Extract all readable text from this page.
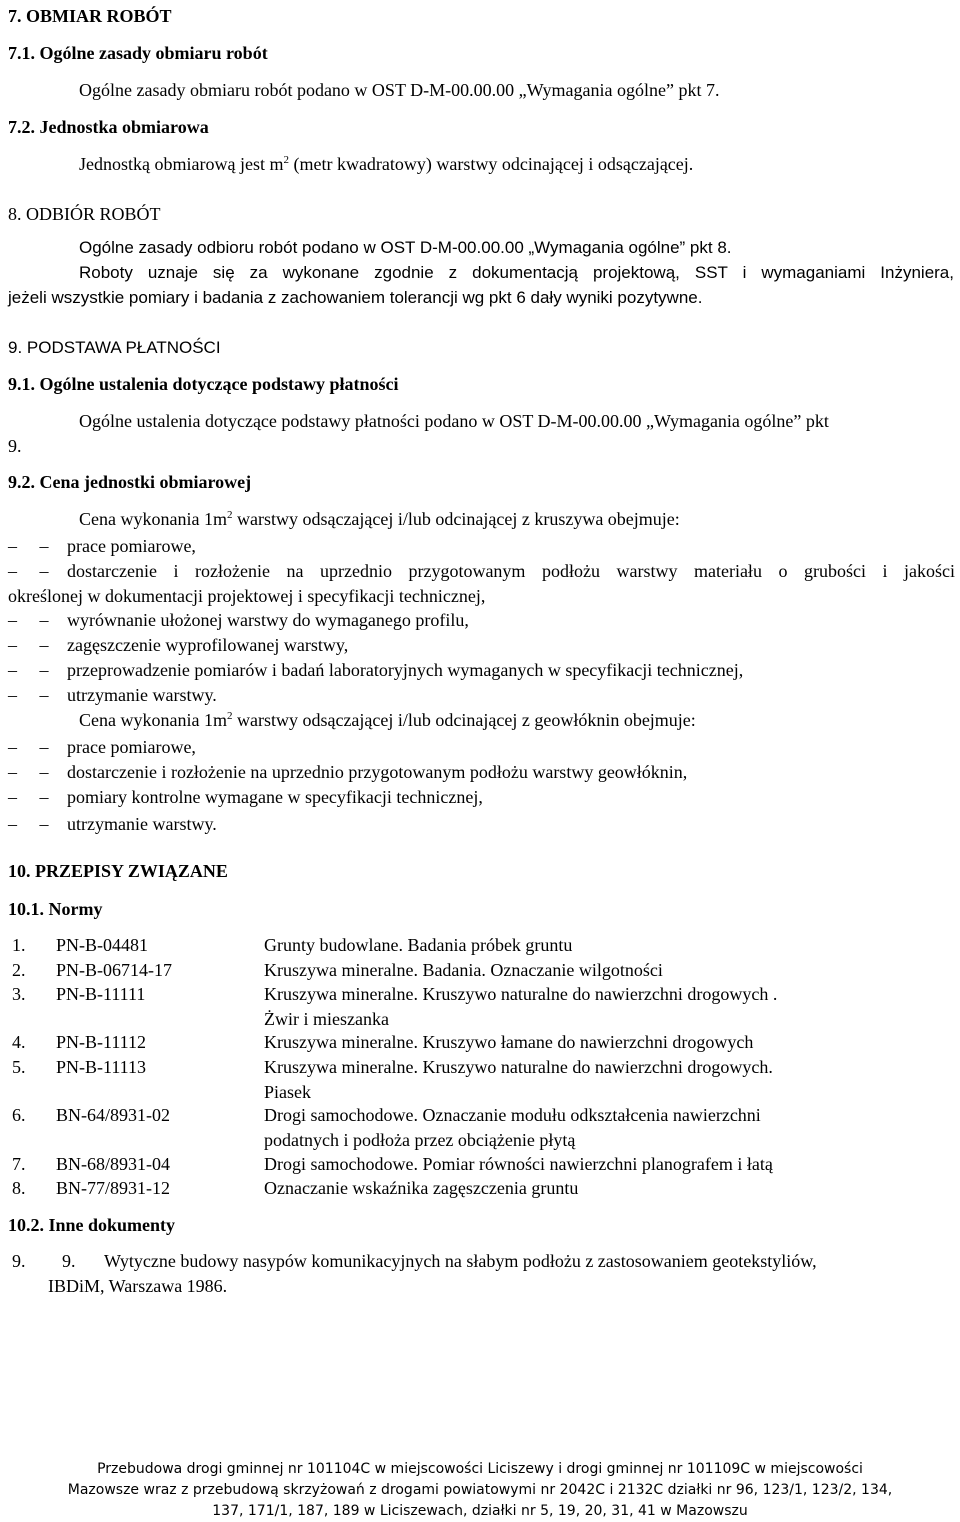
7. OBMIAR ROBÓT
7.1. Ogólne zasady obmiaru robót
Ogólne zasady obmiaru robót podano w OST D-M-00.00.00 „Wymagania ogólne” pkt 7.
7.2. Jednostka obmiarowa
Jednostką obmiarową jest $m^2$ (metr kwadratowy) warstwy odcinającej i odsączającej.
8. ODBIÓR ROBÓT
Ogólne zasady odbioru robót podano w OST D-M-00.00.00 „Wymagania ogólne” pkt 8.
Roboty uznaje się za wykonane zgodnie z dokumentacją projektową, SST i wymaganiami Inżyniera,
jeżeli wszystkie pomiary i badania z zachowaniem tolerancji wg pkt 6 dały wyniki pozytywne.
9. PODSTAWA PŁATNOŚCI
9.1. Ogólne ustalenia dotyczące podstawy płatności
Ogólne ustalenia dotyczące podstawy płatności podano w OST D-M-00.00.00 „Wymagania ogólne” pkt
9.
9.2. Cena jednostki obmiarowej
Cena wykonania $1m^2$ warstwy odsączającej i/lub odcinającej z kruszywa obejmuje:
– – prace pomiarowe,
– – dostarczenie i rozłożenie na uprzednio przygotowanym podłożu warstwy materiału o grubości i jakości
określonej w dokumentacji projektowej i specyfikacji technicznej,
– – wyrównanie ułożonej warstwy do wymaganego profilu,
– – zagęszczenie wyprofilowanej warstwy,
– – przeprowadzenie pomiarów i badań laboratoryjnych wymaganych w specyfikacji technicznej,
– – utrzymanie warstwy.
Cena wykonania $1m^2$ warstwy odsączającej i/lub odcinającej z geowłóknin obejmuje:
– – prace pomiarowe,
– – dostarczenie i rozłożenie na uprzednio przygotowanym podłożu warstwy geowłóknin,
– – pomiary kontrolne wymagane w specyfikacji technicznej,
– – utrzymanie warstwy.
10. PRZEPISY ZWIĄZANE
10.1. Normy
1. PN-B-04481	Grunty budowlane. Badania próbek gruntu
2. PN-B-06714-17	Kruszywa mineralne. Badania. Oznaczanie wilgotności
3. PN-B-11111	Kruszywa mineralne. Kruszywo naturalne do nawierzchni drogowych .
Żwir i mieszanka
4. PN-B-11112	Kruszywa mineralne. Kruszywo łamane do nawierzchni drogowych
5. PN-B-11113	Kruszywa mineralne. Kruszywo naturalne do nawierzchni drogowych.
Piasek
6. BN-64/8931-02	Drogi samochodowe. Oznaczanie modułu odkształcenia nawierzchni
podatnych i podłoża przez obciążenie płytą
7. BN-68/8931-04	Drogi samochodowe. Pomiar równości nawierzchni planografem i łatą
8. BN-77/8931-12	Oznaczanie wskaźnika zagęszczenia gruntu
10.2. Inne dokumenty
9. 9. Wytyczne budowy nasypów komunikacyjnych na słabym podłożu z zastosowaniem geotekstyliów,
IBDiM, Warszawa 1986.
Przebudowa drogi gminnej nr 101104C w miejscowości Liciszewy i drogi gminnej nr 101109C w miejscowości
Mazowsze wraz z przebudową skrzyżowań z drogami powiatowymi nr 2042C i 2132C działki nr 96, 123/1, 123/2, 134,
137, 171/1, 187, 189 w Liciszewach, działki nr 5, 19, 20, 31, 41 w Mazowszu
